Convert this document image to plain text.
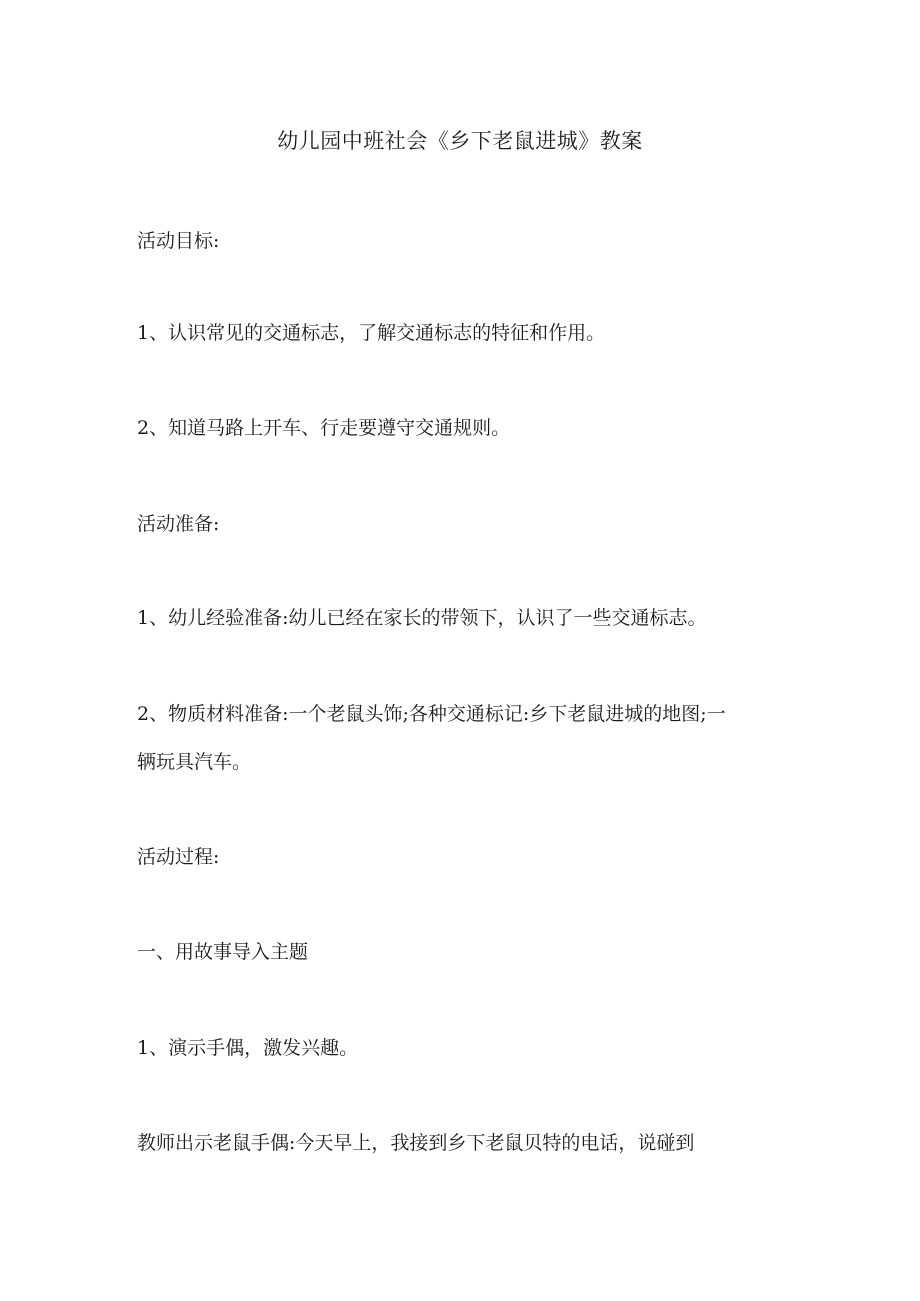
幼儿园中班社会《乡下老鼠进城》教案
活动目标:
1、认识常见的交通标志，了解交通标志的特征和作用。
2、知道马路上开车、行走要遵守交通规则。
活动准备:
1、幼儿经验准备:幼儿已经在家长的带领下，认识了一些交通标志。
2、物质材料准备:一个老鼠头饰;各种交通标记:乡下老鼠进城的地图;一
辆玩具汽车。
活动过程:
一、用故事导入主题
1、演示手偶，激发兴趣。
教师出示老鼠手偶:今天早上，我接到乡下老鼠贝特的电话，说碰到
